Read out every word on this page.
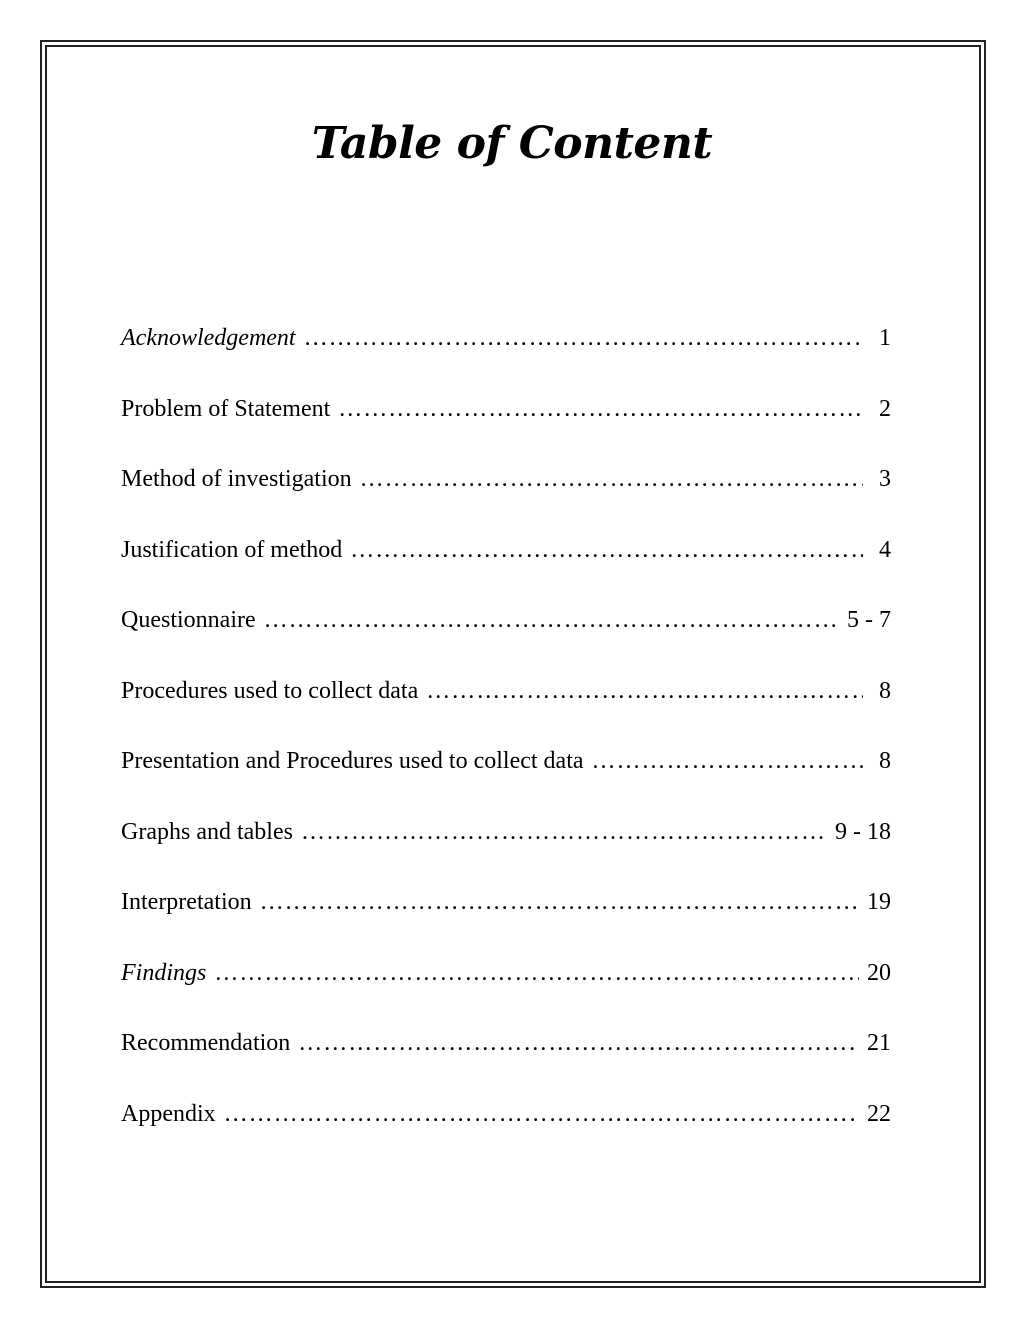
Table of Content
Acknowledgement …………………………………………………………………………………………………………………………………………………	1
Problem of Statement …………………………………………………………………………………………………………………………………………………	2
Method of investigation …………………………………………………………………………………………………………………………………………………	3
Justification of method …………………………………………………………………………………………………………………………………………………	4
Questionnaire …………………………………………………………………………………………………………………………………………………	5 - 7
Procedures used to collect data …………………………………………………………………………………………………………………………………………………	8
Presentation and Procedures used to collect data …………………………………………………………………………………………………………………………………………………	8
Graphs and tables …………………………………………………………………………………………………………………………………………………	9 - 18
Interpretation …………………………………………………………………………………………………………………………………………………	19
Findings …………………………………………………………………………………………………………………………………………………	20
Recommendation …………………………………………………………………………………………………………………………………………………	21
Appendix …………………………………………………………………………………………………………………………………………………	22
